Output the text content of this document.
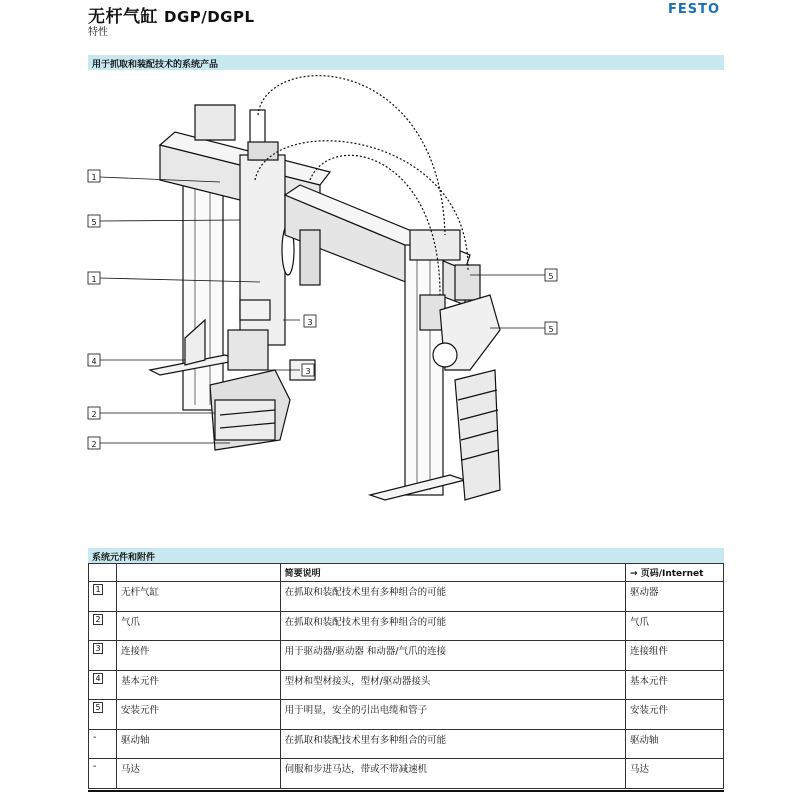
无杆气缸 DGP/DGPL
特性
FESTO
用于抓取和装配技术的系统产品
1
5
1
4
2
2
3
3
5
5
系统元件和附件
		简要说明	→ 页码/Internet
1	无杆气缸	在抓取和装配技术里有多种组合的可能	驱动器
2	气爪	在抓取和装配技术里有多种组合的可能	气爪
3	连接件	用于驱动器/驱动器 和动器/气爪的连接	连接组件
4	基本元件	型材和型材接头，型材/驱动器接头	基本元件
5	安装元件	用于明显，安全的引出电缆和管子	安装元件
-	驱动轴	在抓取和装配技术里有多种组合的可能	驱动轴
-	马达	伺服和步进马达，带或不带减速机	马达
